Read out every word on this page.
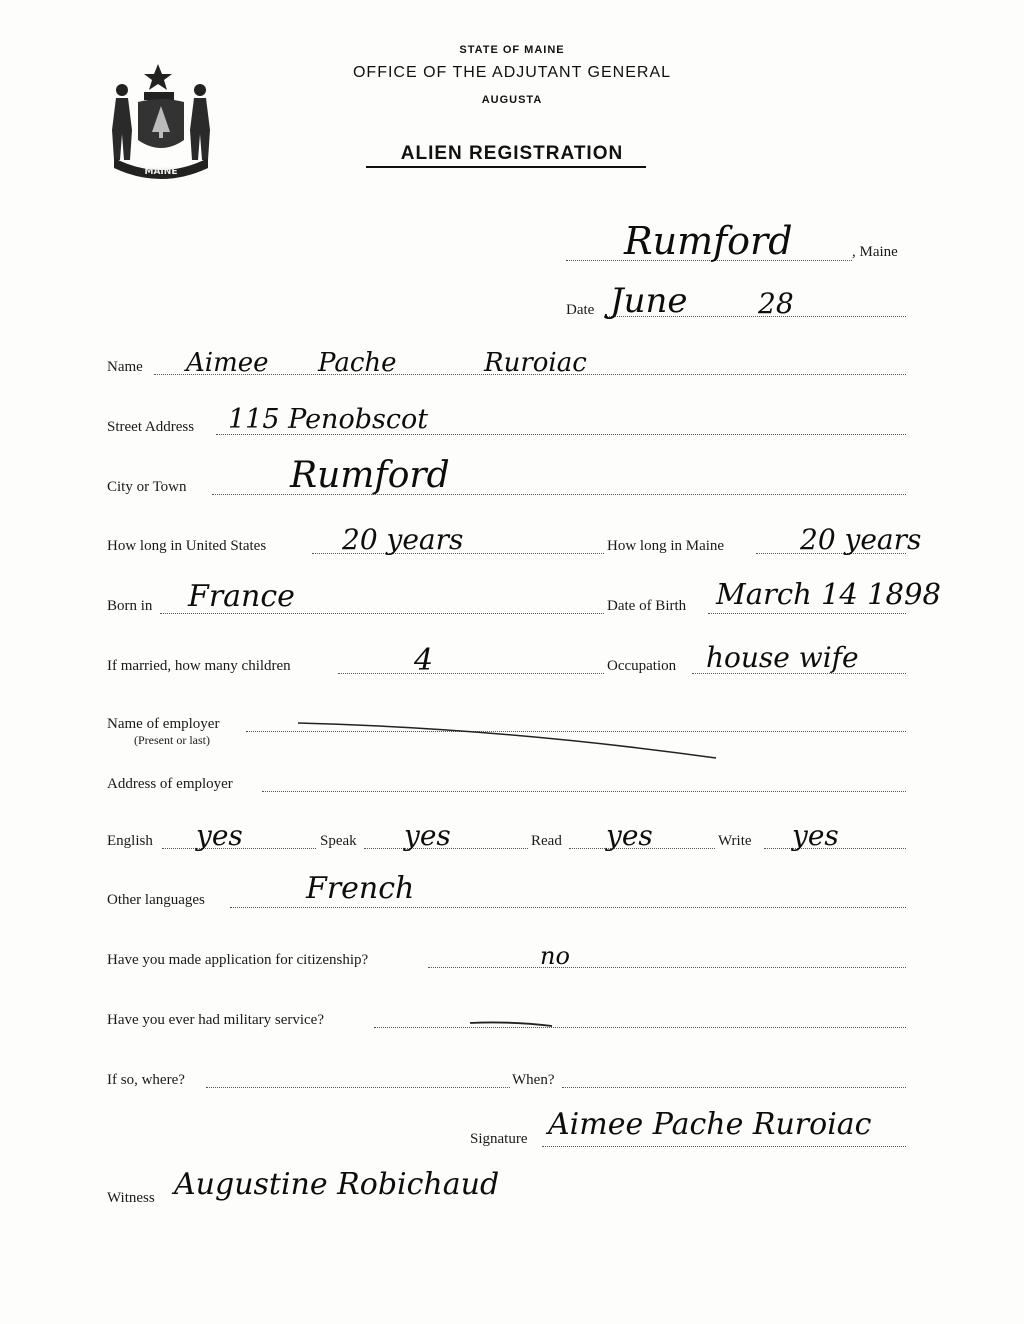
MAINE
STATE OF MAINE
OFFICE OF THE ADJUTANT GENERAL
AUGUSTA
ALIEN REGISTRATION
, Maine
Rumford
Date June	28
Name Aimee Pache	Ruroiac
Street Address 115 Penobscot
City or Town	Rumford
How long in United States	20 years	How long in Maine	20 years
Born in France	Date of Birth March 14 1898
If married, how many children	4	Occupation house wife
Name of employer
(Present or last)
Address of employer
English yes	Speak yes	Read yes	Write yes
Other languages	French
Have you made application for citizenship?	no
Have you ever had military service?
If so, where?	When?
Signature Aimee Pache Ruroiac
Witness Augustine Robichaud
